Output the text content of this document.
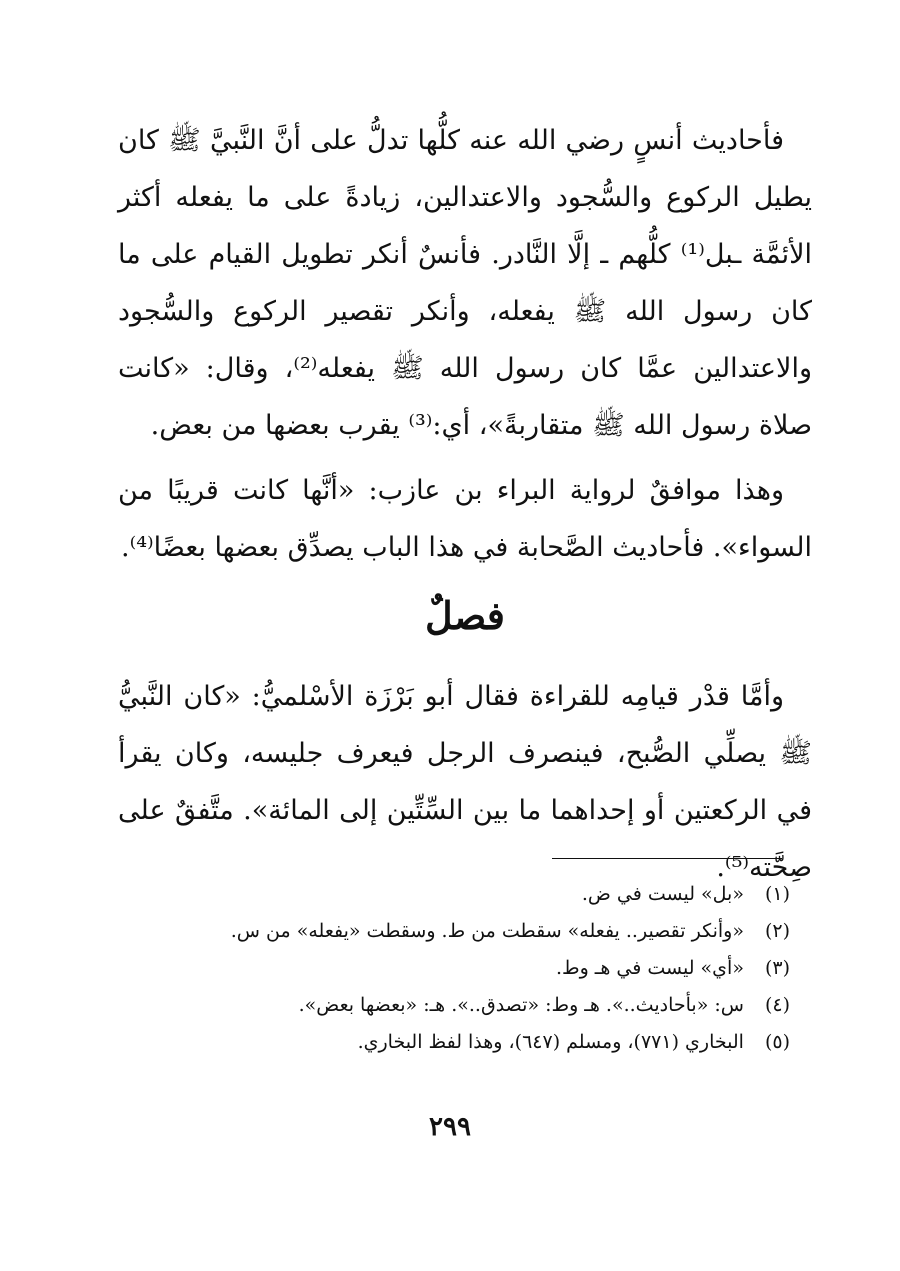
فأحاديث أنسٍ رضي الله عنه كلُّها تدلُّ على أنَّ النَّبيَّ ﷺ كان يطيل الركوع والسُّجود والاعتدالين، زيادةً على ما يفعله أكثر الأئمَّة ـبل⁽¹⁾ كلُّهم ـ إلَّا النَّادر. فأنسٌ أنكر تطويل القيام على ما كان رسول الله ﷺ يفعله، وأنكر تقصير الركوع والسُّجود والاعتدالين عمَّا كان رسول الله ﷺ يفعله⁽²⁾، وقال: «كانت صلاة رسول الله ﷺ متقاربةً»، أي:⁽³⁾ يقرب بعضها من بعض.

وهذا موافقٌ لرواية البراء بن عازب: «أنَّها كانت قريبًا من السواء». فأحاديث الصَّحابة في هذا الباب يصدِّق بعضها بعضًا⁽⁴⁾.

فصلٌ

وأمَّا قدْر قيامِه للقراءة فقال أبو بَرْزَة الأسْلميُّ: «كان النَّبيُّ ﷺ يصلِّي الصُّبح، فينصرف الرجل فيعرف جليسه، وكان يقرأ في الركعتين أو إحداهما ما بين السِّتِّين إلى المائة». متَّفقٌ على صِحَّته⁽⁵⁾.

(١) «بل» ليست في ض.
(٢) «وأنكر تقصير.. يفعله» سقطت من ط. وسقطت «يفعله» من س.
(٣) «أي» ليست في هـ وط.
(٤) س: «بأحاديث..». هـ وط: «تصدق..». هـ: «بعضها بعض».
(٥) البخاري (٧٧١)، ومسلم (٦٤٧)، وهذا لفظ البخاري.
٢٩٩
